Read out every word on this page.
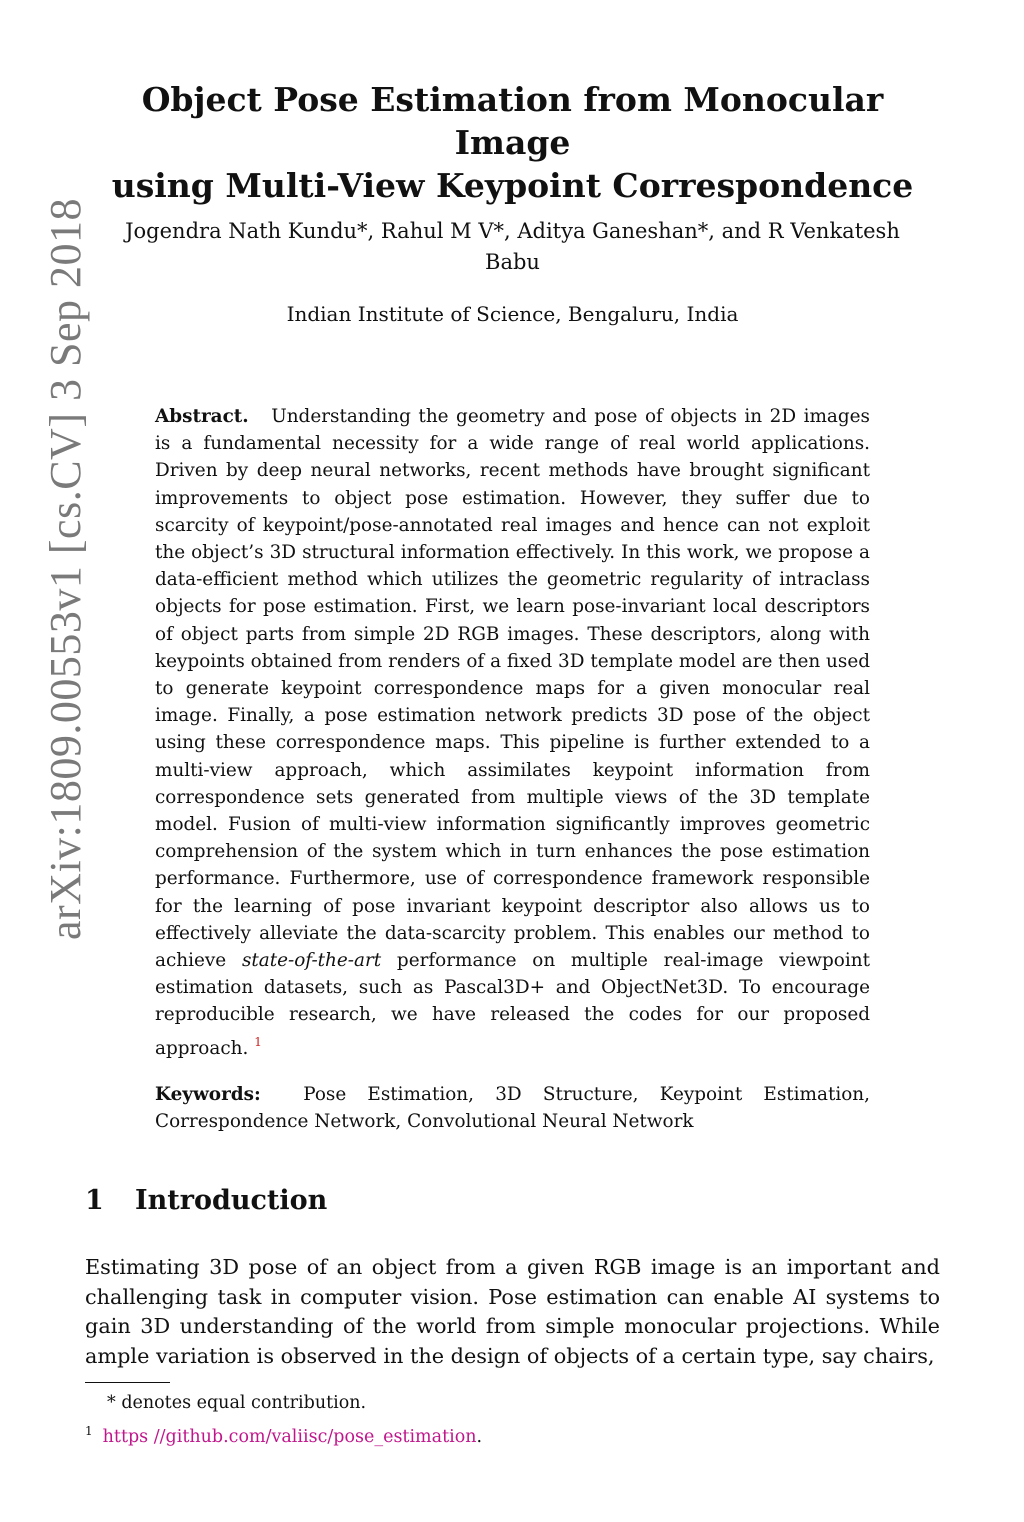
arXiv:1809.00553v1 [cs.CV] 3 Sep 2018
Object Pose Estimation from Monocular Image
using Multi-View Keypoint Correspondence
Jogendra Nath Kundu*, Rahul M V*, Aditya Ganeshan*, and R Venkatesh
Babu
Indian Institute of Science, Bengaluru, India
Abstract. Understanding the geometry and pose of objects in 2D images is a fundamental necessity for a wide range of real world applications. Driven by deep neural networks, recent methods have brought significant improvements to object pose estimation. However, they suffer due to scarcity of keypoint/pose-annotated real images and hence can not exploit the object’s 3D structural information effectively. In this work, we propose a data-efficient method which utilizes the geometric regularity of intraclass objects for pose estimation. First, we learn pose-invariant local descriptors of object parts from simple 2D RGB images. These descriptors, along with keypoints obtained from renders of a fixed 3D template model are then used to generate keypoint correspondence maps for a given monocular real image. Finally, a pose estimation network predicts 3D pose of the object using these correspondence maps. This pipeline is further extended to a multi-view approach, which assimilates keypoint information from correspondence sets generated from multiple views of the 3D template model. Fusion of multi-view information significantly improves geometric comprehension of the system which in turn enhances the pose estimation performance. Furthermore, use of correspondence framework responsible for the learning of pose invariant keypoint descriptor also allows us to effectively alleviate the data-scarcity problem. This enables our method to achieve state-of-the-art performance on multiple real-image viewpoint estimation datasets, such as Pascal3D+ and ObjectNet3D. To encourage reproducible research, we have released the codes for our proposed approach. $^1$
Keywords: Pose Estimation, 3D Structure, Keypoint Estimation, Correspondence Network, Convolutional Neural Network
1 Introduction
Estimating 3D pose of an object from a given RGB image is an important and challenging task in computer vision. Pose estimation can enable AI systems to gain 3D understanding of the world from simple monocular projections. While ample variation is observed in the design of objects of a certain type, say chairs,
* denotes equal contribution.
$^1$ https //github.com/valiisc/pose_estimation.
